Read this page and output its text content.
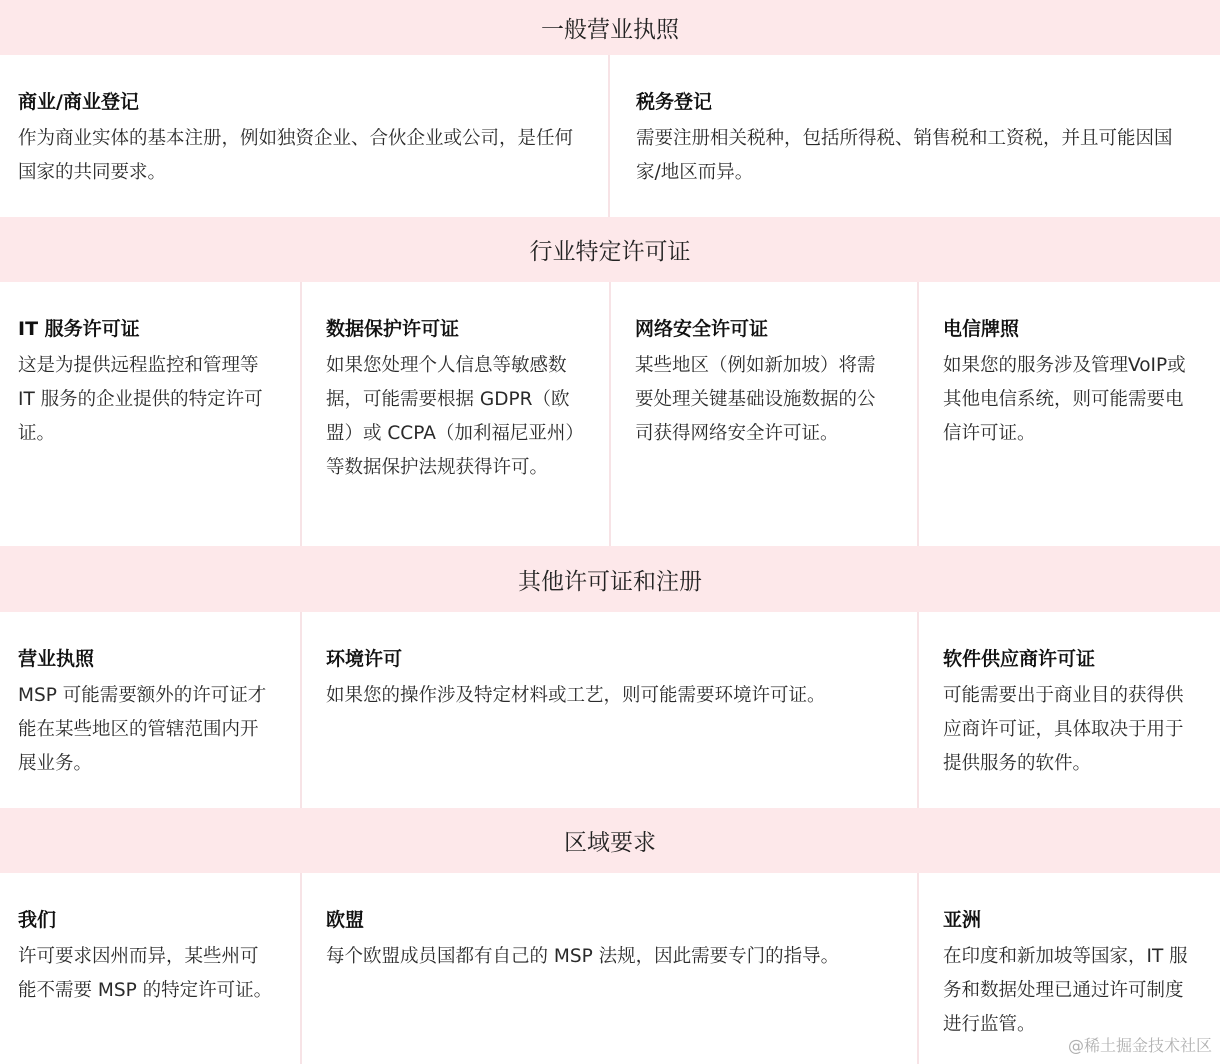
一般营业执照
商业/商业登记
作为商业实体的基本注册，例如独资企业、合伙企业或公司，是任何国家的共同要求。
税务登记
需要注册相关税种，包括所得税、销售税和工资税，并且可能因国家/地区而异。
行业特定许可证
IT 服务许可证
这是为提供远程监控和管理等 IT 服务的企业提供的特定许可证。
数据保护许可证
如果您处理个人信息等敏感数据，可能需要根据 GDPR（欧盟）或 CCPA（加利福尼亚州）等数据保护法规获得许可。
网络安全许可证
某些地区（例如新加坡）将需要处理关键基础设施数据的公司获得网络安全许可证。
电信牌照
如果您的服务涉及管理VoIP或其他电信系统，则可能需要电信许可证。
其他许可证和注册
营业执照
MSP 可能需要额外的许可证才能在某些地区的管辖范围内开展业务。
环境许可
如果您的操作涉及特定材料或工艺，则可能需要环境许可证。
软件供应商许可证
可能需要出于商业目的获得供应商许可证，具体取决于用于提供服务的软件。
区域要求
我们
许可要求因州而异，某些州可能不需要 MSP 的特定许可证。
欧盟
每个欧盟成员国都有自己的 MSP 法规，因此需要专门的指导。
亚洲
在印度和新加坡等国家，IT 服务和数据处理已通过许可制度进行监管。
@稀土掘金技术社区
